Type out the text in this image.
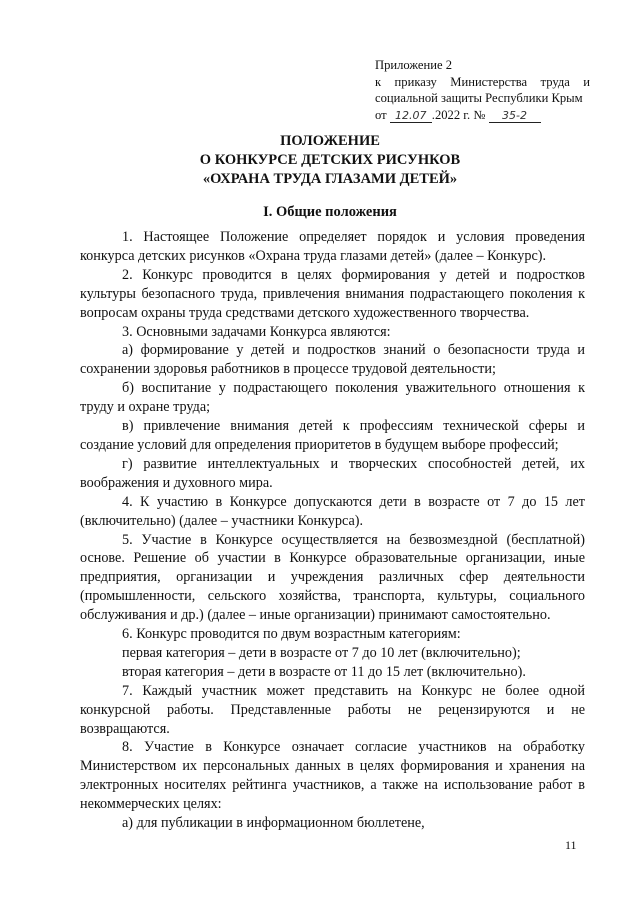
Приложение 2
к приказу Министерства труда и
социальной защиты Республики Крым
от 12.07 .2022 г. № 35-2
ПОЛОЖЕНИЕ
О КОНКУРСЕ ДЕТСКИХ РИСУНКОВ
«ОХРАНА ТРУДА ГЛАЗАМИ ДЕТЕЙ»
I. Общие положения

1. Настоящее Положение определяет порядок и условия проведения конкурса детских рисунков «Охрана труда глазами детей» (далее – Конкурс).

2. Конкурс проводится в целях формирования у детей и подростков культуры безопасного труда, привлечения внимания подрастающего поколения к вопросам охраны труда средствами детского художественного творчества.

3. Основными задачами Конкурса являются:

а) формирование у детей и подростков знаний о безопасности труда и сохранении здоровья работников в процессе трудовой деятельности;

б) воспитание у подрастающего поколения уважительного отношения к труду и охране труда;

в) привлечение внимания детей к профессиям технической сферы и создание условий для определения приоритетов в будущем выборе профессий;

г) развитие интеллектуальных и творческих способностей детей, их воображения и духовного мира.

4. К участию в Конкурсе допускаются дети в возрасте от 7 до 15 лет (включительно) (далее – участники Конкурса).

5. Участие в Конкурсе осуществляется на безвозмездной (бесплатной) основе. Решение об участии в Конкурсе образовательные организации, иные предприятия, организации и учреждения различных сфер деятельности (промышленности, сельского хозяйства, транспорта, культуры, социального обслуживания и др.) (далее – иные организации) принимают самостоятельно.

6. Конкурс проводится по двум возрастным категориям:

первая категория – дети в возрасте от 7 до 10 лет (включительно);

вторая категория – дети в возрасте от 11 до 15 лет (включительно).

7. Каждый участник может представить на Конкурс не более одной конкурсной работы. Представленные работы не рецензируются и не возвращаются.

8. Участие в Конкурсе означает согласие участников на обработку Министерством их персональных данных в целях формирования и хранения на электронных носителях рейтинга участников, а также на использование работ в некоммерческих целях:

а) для публикации в информационном бюллетене,

11
